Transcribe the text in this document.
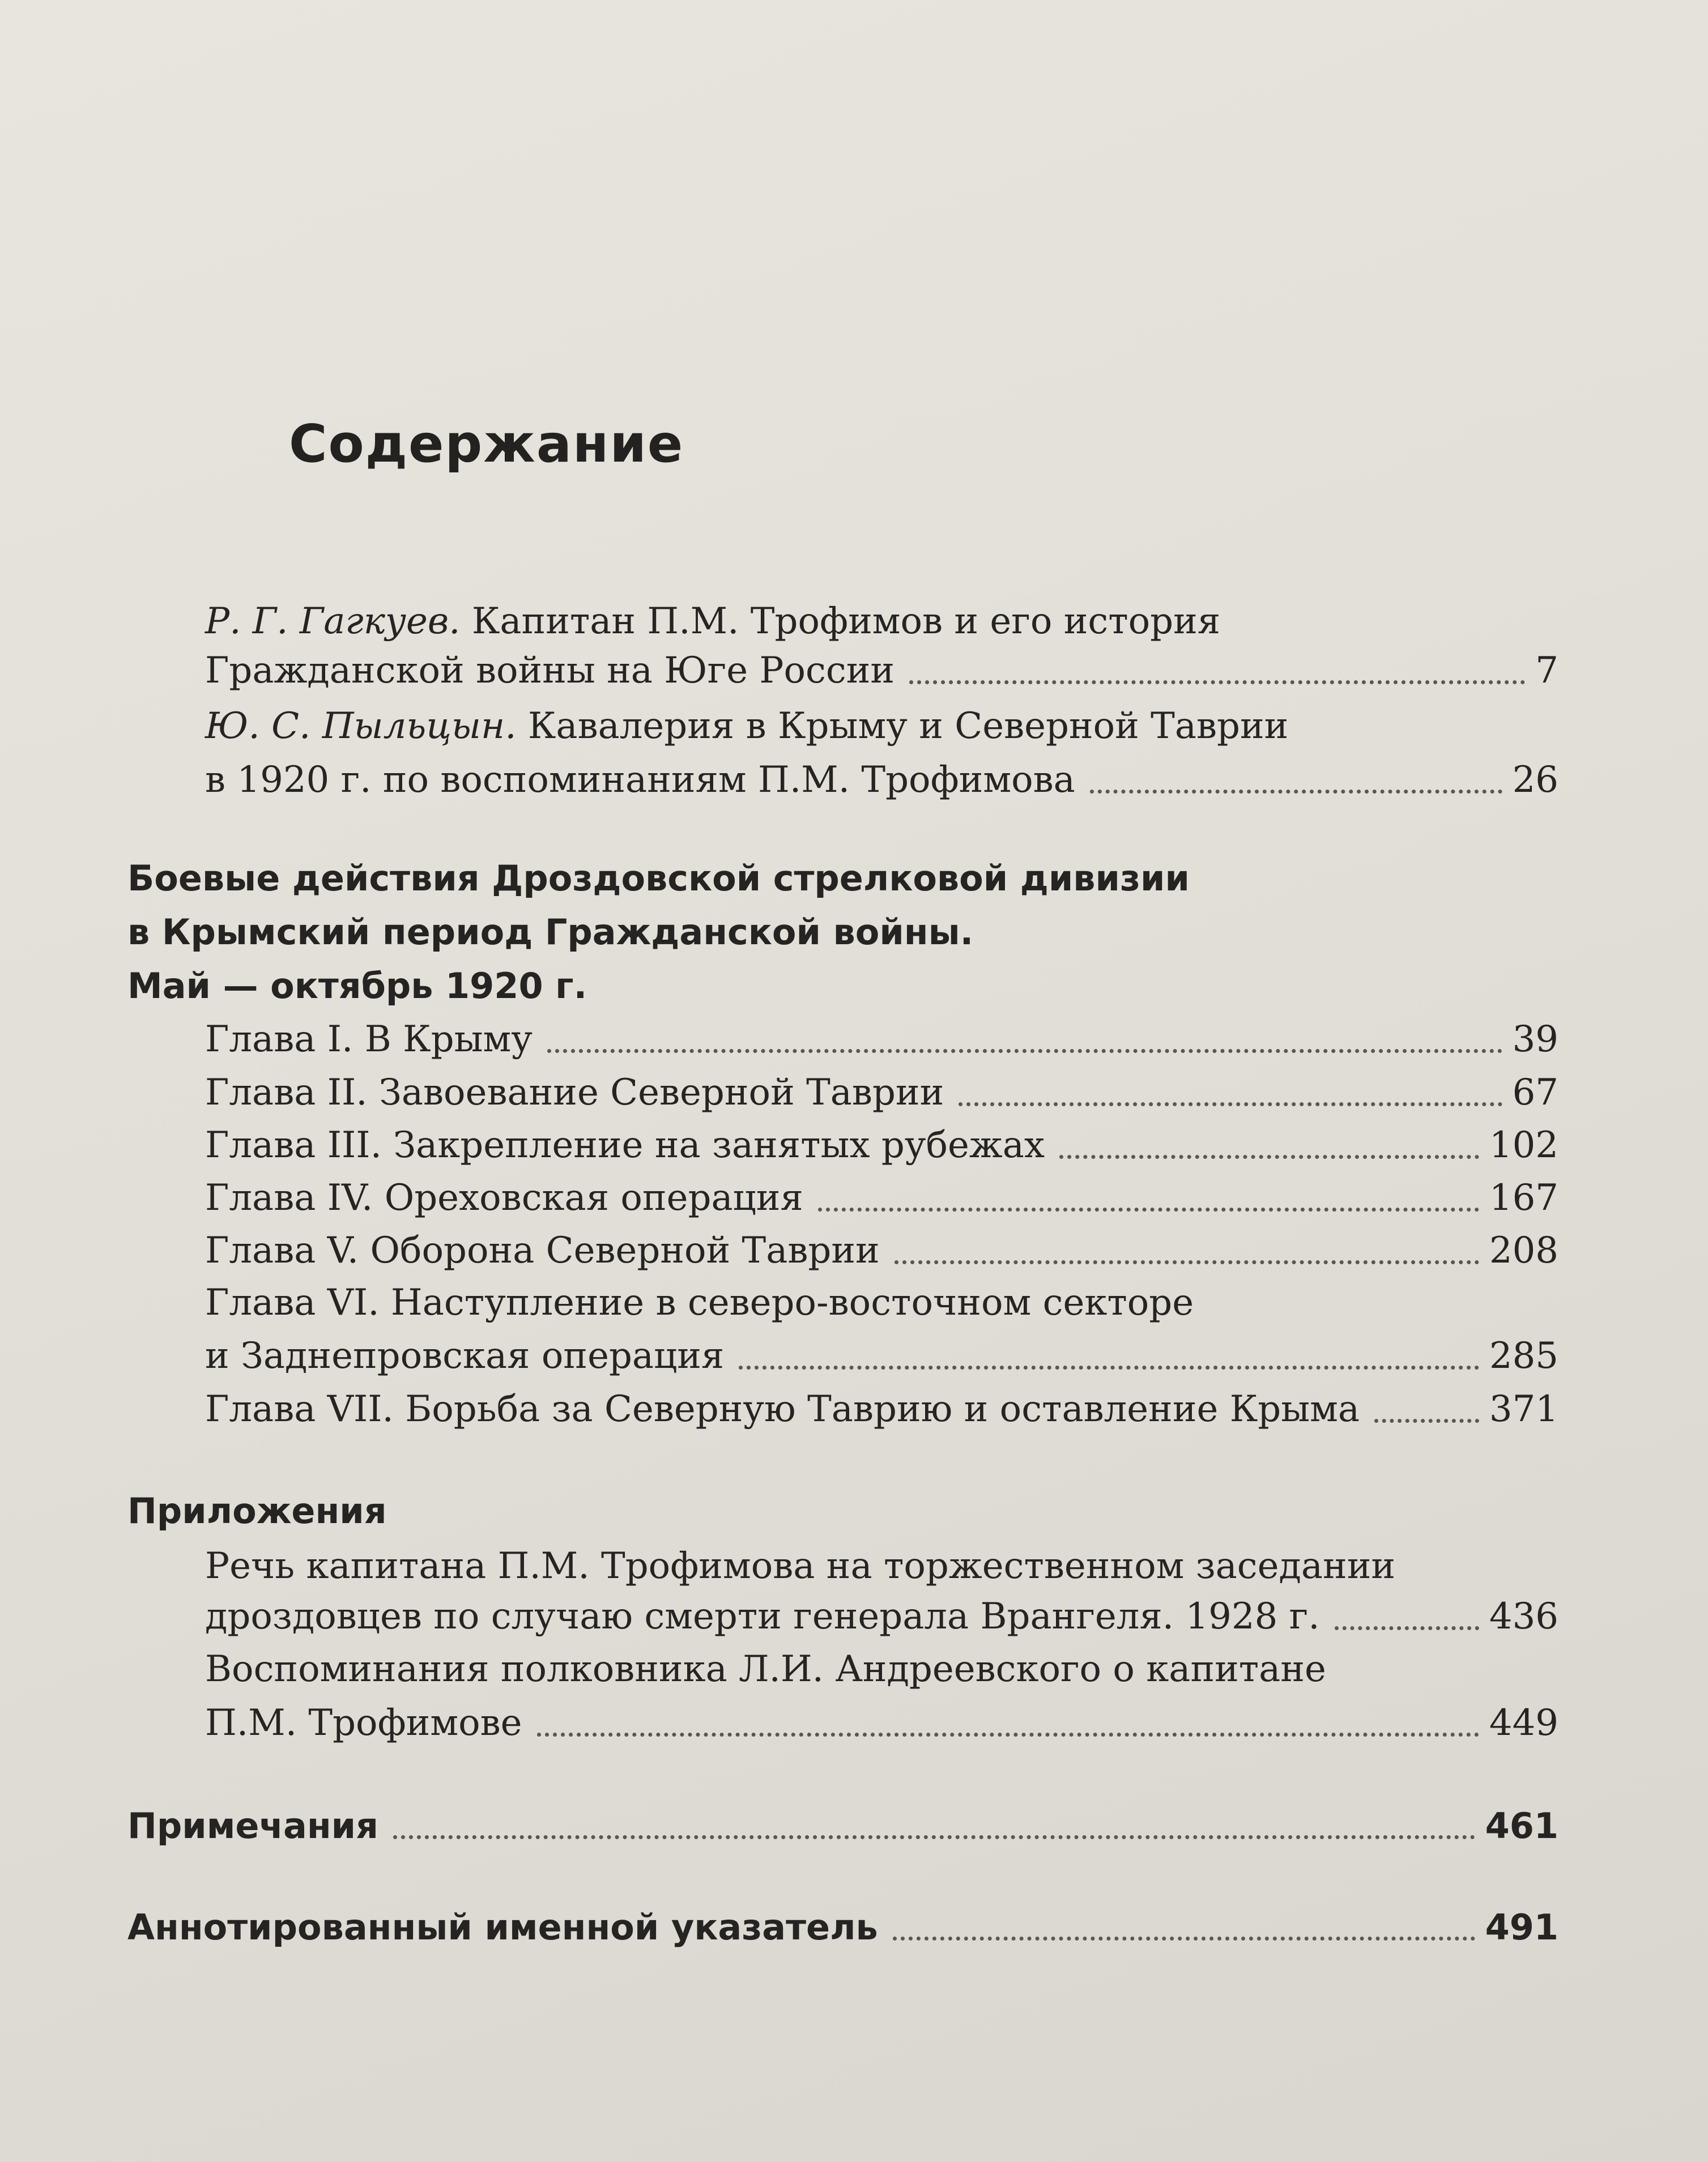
Содержание
Р. Г. Гагкуев.
Капитан П.М. Трофимов и его история
Гражданской войны на Юге России	7
Ю. С. Пыльцын.
Кавалерия в Крыму и Северной Таврии
в 1920 г. по воспоминаниям П.М. Трофимова	26
Боевые действия Дроздовской стрелковой дивизии
в Крымский период Гражданской войны.
Май — октябрь 1920 г.
Глава I. В Крыму	39
Глава II. Завоевание Северной Таврии	67
Глава III. Закрепление на занятых рубежах	102
Глава IV. Ореховская операция	167
Глава V. Оборона Северной Таврии	208
Глава VI. Наступление в северо-восточном секторе
и Заднепровская операция	285
Глава VII. Борьба за Северную Таврию и оставление Крыма	371
Приложения
Речь капитана П.М. Трофимова на торжественном заседании
дроздовцев по случаю смерти генерала Врангеля. 1928 г.	436
Воспоминания полковника Л.И. Андреевского о капитане
П.М. Трофимове	449
Примечания	461
Аннотированный именной указатель	491
